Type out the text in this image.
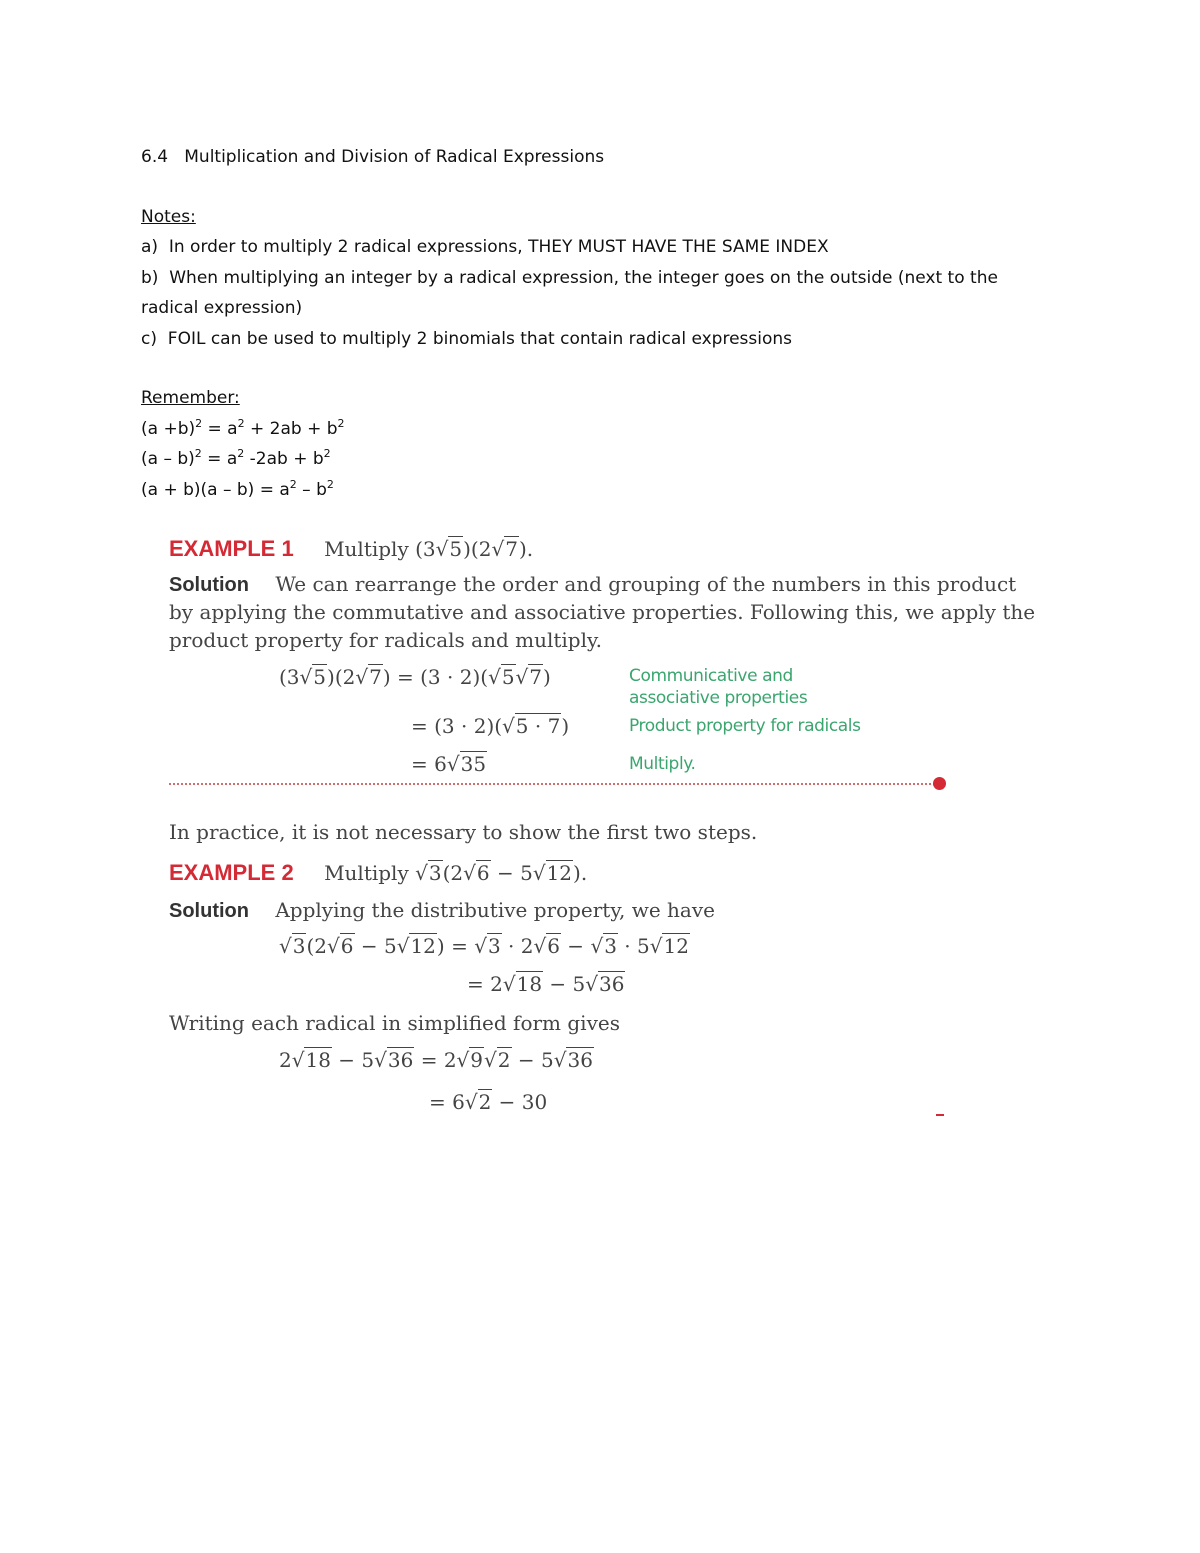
6.4   Multiplication and Division of Radical Expressions
Notes:
a)  In order to multiply 2 radical expressions, THEY MUST HAVE THE SAME INDEX
b)  When multiplying an integer by a radical expression, the integer goes on the outside (next to the radical expression)
c)  FOIL can be used to multiply 2 binomials that contain radical expressions
Remember:
$(a +b)^2 = a^2 + 2ab + b^2$
$(a - b)^2 = a^2$ $-2ab + b^2$
$(a + b)(a - b) = a^2 - b^2$
EXAMPLE 1 Multiply (3√5)(2√7).
Solution We can rearrange the order and grouping of the numbers in this product
by applying the commutative and associative properties. Following this, we apply the
product property for radicals and multiply.
(3√5)(2√7) = (3 · 2)(√5√7)	Communicative and
associative properties
= (3 · 2)(√5 · 7)	Product property for radicals
= 6√35	Multiply.
In practice, it is not necessary to show the first two steps.
EXAMPLE 2 Multiply √3(2√6 − 5√12).
Solution Applying the distributive property, we have
√3(2√6 − 5√12) = √3 · 2√6 − √3 · 5√12
= 2√18 − 5√36
Writing each radical in simplified form gives
2√18 − 5√36 = 2√9√2 − 5√36
= 6√2 − 30
